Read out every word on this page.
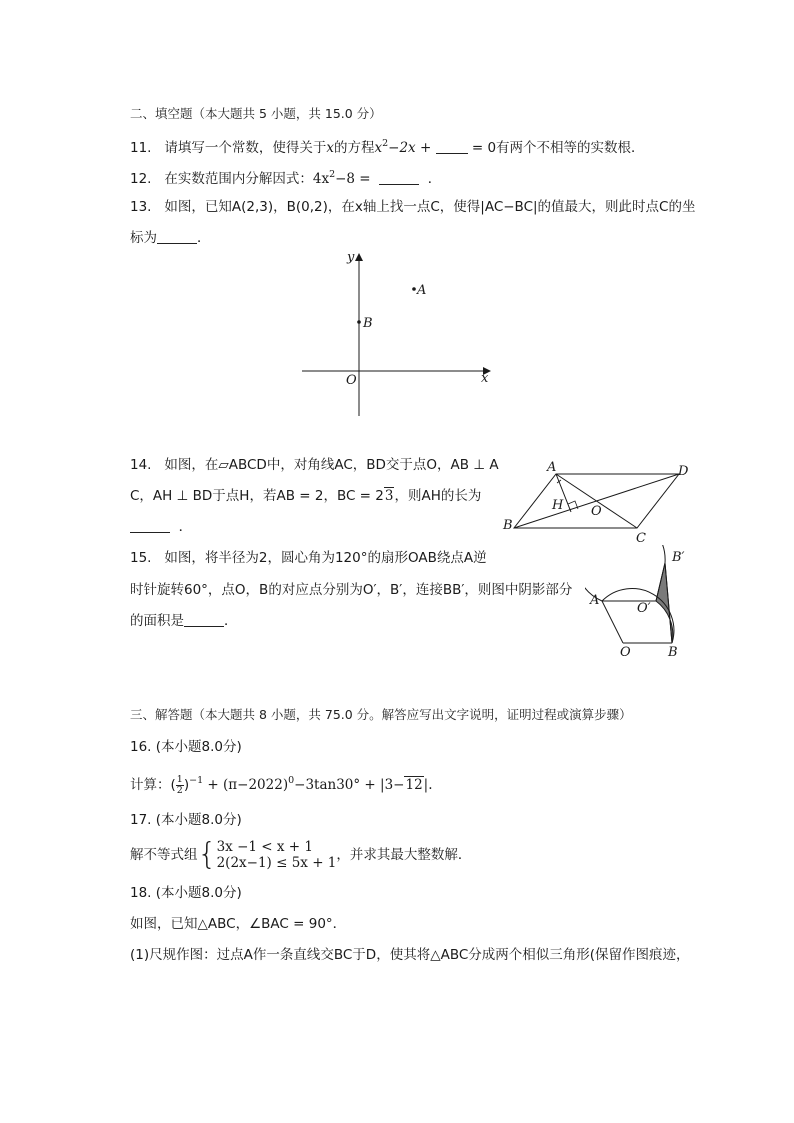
二、填空题（本大题共 5 小题，共 15.0 分）
11. 请填写一个常数，使得关于x的方程$x^2-2x$ +  = 0有两个不相等的实数根．
12. 在实数范围内分解因式：$4x^2-8$ =	．
13. 如图，已知A(2,3)，B(0,2)，在x轴上找一点C，使得|AC−BC|的值最大，则此时点C的坐
标为	．
y
x
O
A
B
14. 如图，在▱ABCD中，对角线AC，BD交于点O，AB ⊥ A
C，AH ⊥ BD于点H，若AB = 2，BC = 23，则AH的长为
．
A
B
C
D
H O
15. 如图，将半径为2，圆心角为120°的扇形OAB绕点A逆
时针旋转60°，点O，B的对应点分别为O′，B′，连接BB′，则图中阴影部分
的面积是	．
A
O	B
O′
B′
三、解答题（本大题共 8 小题，共 75.0 分。解答应写出文字说明，证明过程或演算步骤）
16. (本小题8.0分)
计算：( $\frac{1}{2} )^{-1} + (\pi-2022)^0-3\tan 30^\circ + |3-12|$.
17. (本小题8.0分)
解不等式组{ 3x −1 < x + 1
2(2x−1) ≤ 5x + 1 ，并求其最大整数解．
18. (本小题8.0分)
如图，已知△ABC，∠BAC = 90°．
(1)尺规作图：过点A作一条直线交BC于D，使其将△ABC分成两个相似三角形(保留作图痕迹，
